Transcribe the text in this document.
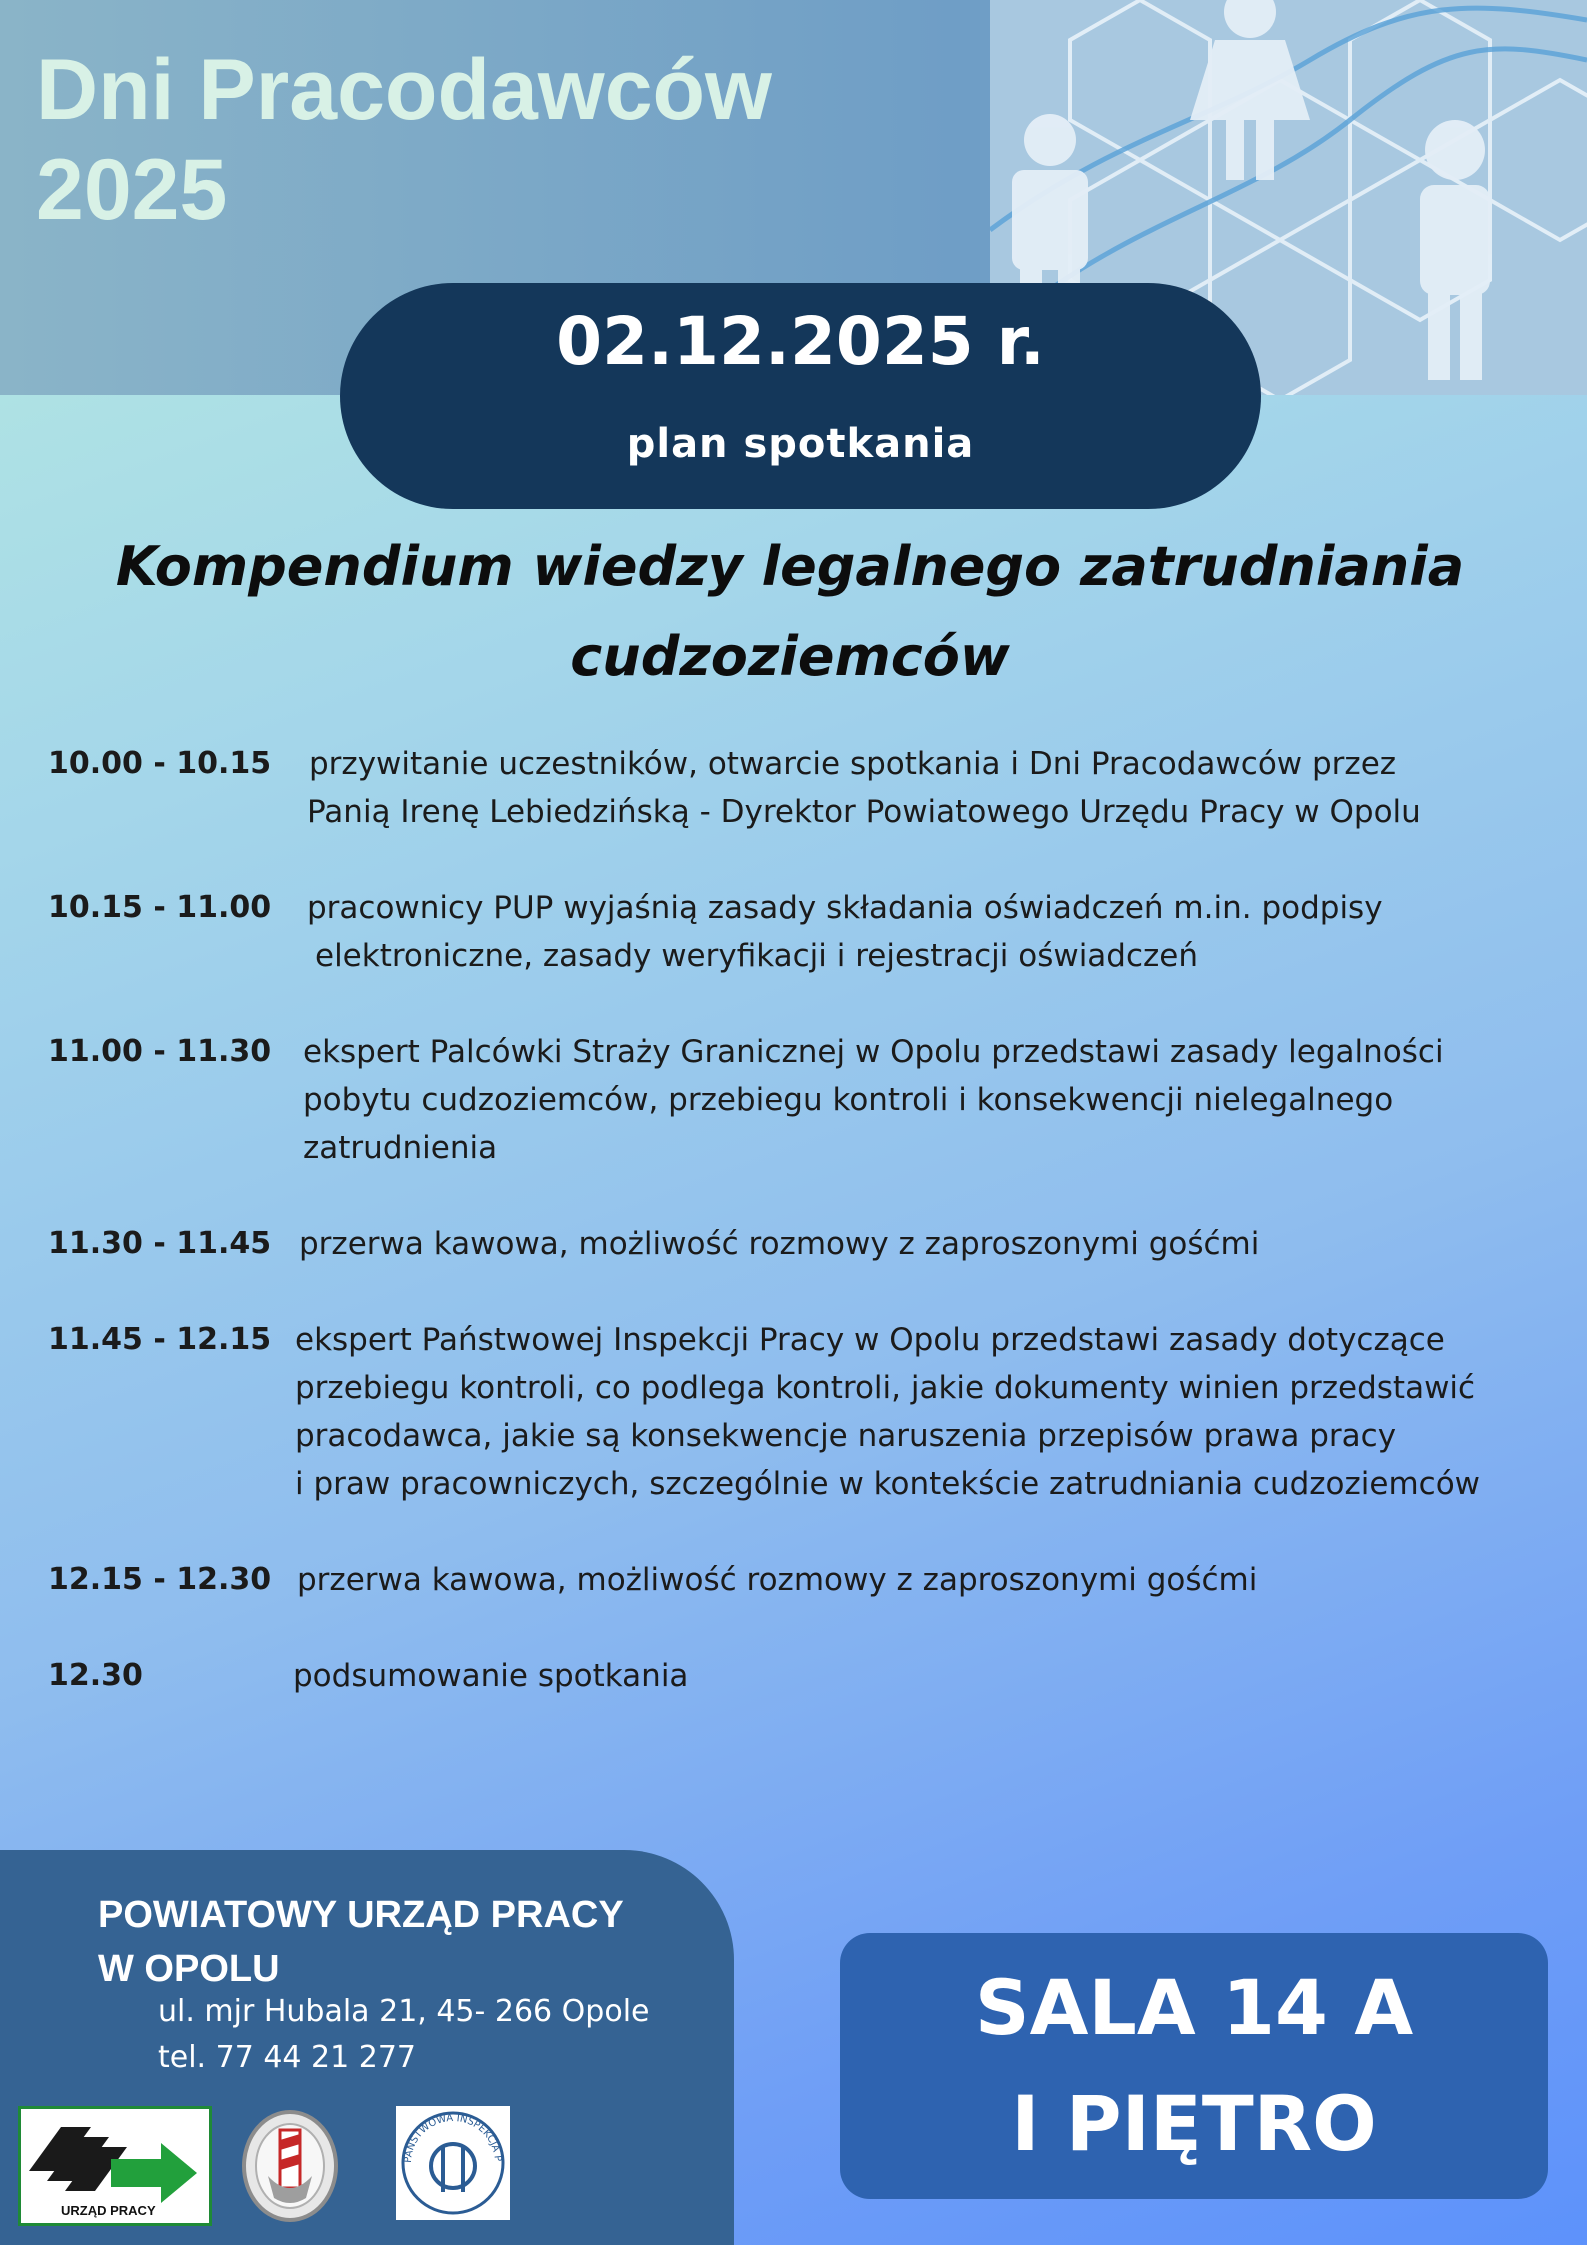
Dni Pracodawców
2025
02.12.2025 r.
plan spotkania
Kompendium wiedzy legalnego zatrudniania
cudzoziemców
10.00 - 10.15	przywitanie uczestników, otwarcie spotkania i Dni Pracodawców przez
Panią Irenę Lebiedzińską - Dyrektor Powiatowego Urzędu Pracy w Opolu
10.15 - 11.00	pracownicy PUP wyjaśnią zasady składania oświadczeń m.in. podpisy
elektroniczne, zasady weryfikacji i rejestracji oświadczeń
11.00 - 11.30	ekspert Palcówki Straży Granicznej w Opolu przedstawi zasady legalności
pobytu cudzoziemców, przebiegu kontroli i konsekwencji nielegalnego
zatrudnienia
11.30 - 11.45 przerwa kawowa, możliwość rozmowy z zaproszonymi gośćmi
11.45 - 12.15 ekspert Państwowej Inspekcji Pracy w Opolu przedstawi zasady dotyczące
przebiegu kontroli, co podlega kontroli, jakie dokumenty winien przedstawić
pracodawca, jakie są konsekwencje naruszenia przepisów prawa pracy
i praw pracowniczych, szczególnie w kontekście zatrudniania cudzoziemców
12.15 - 12.30 przerwa kawowa, możliwość rozmowy z zaproszonymi gośćmi
12.30	podsumowanie spotkania
POWIATOWY URZĄD PRACY
W OPOLU
ul. mjr Hubala 21, 45- 266 Opole
tel. 77 44 21 277
URZĄD PRACY
PAŃSTWOWA INSPEKCJA P
SALA 14 A
I PIĘTRO
